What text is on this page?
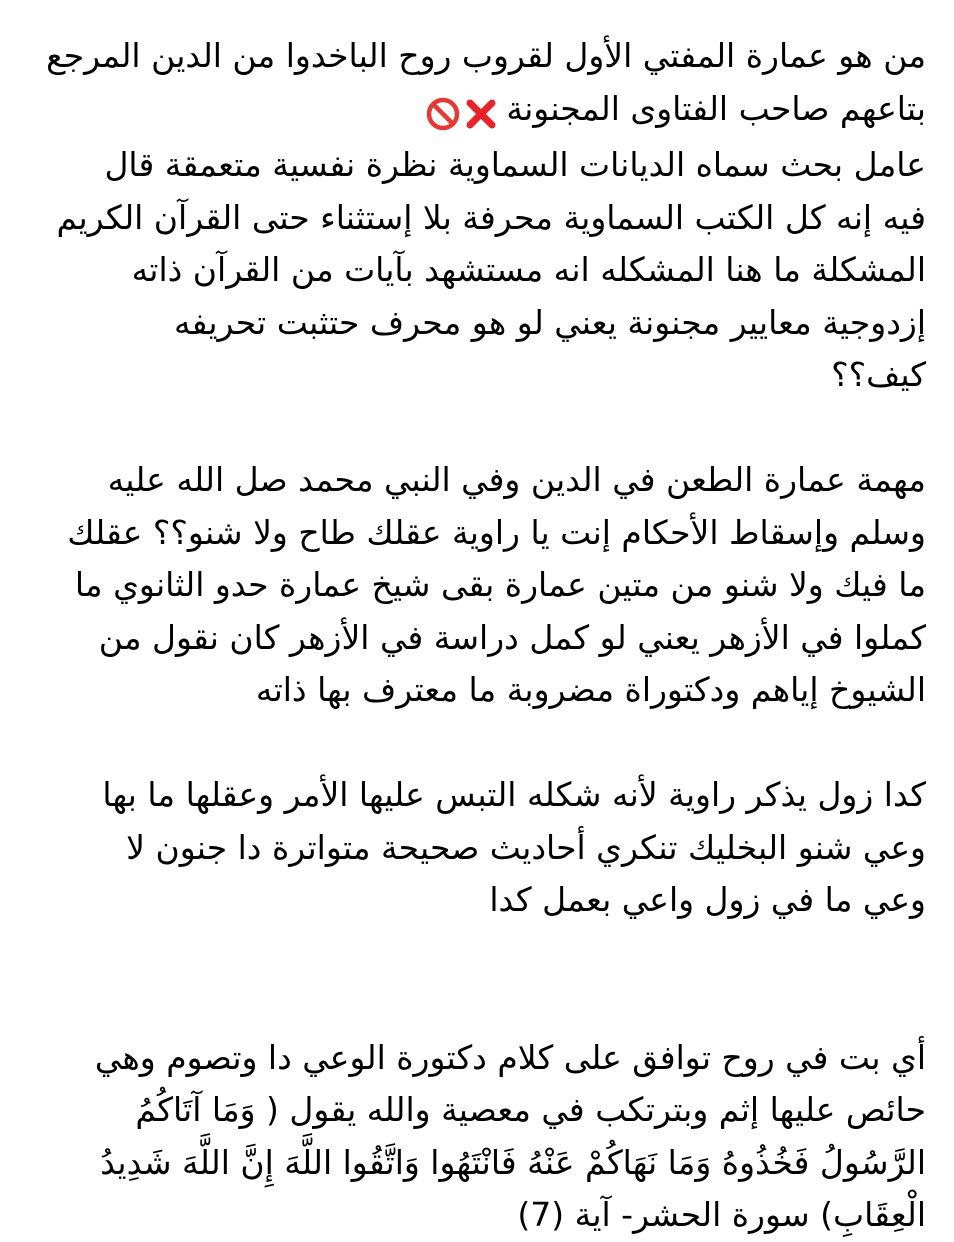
من هو عمارة المفتي الأول لقروب روح الباخدوا من الدين المرجع
بتاعهم صاحب الفتاوى المجنونة
عامل بحث سماه الديانات السماوية نظرة نفسية متعمقة قال
فيه إنه كل الكتب السماوية محرفة بلا إستثناء حتى القرآن الكريم
المشكلة ما هنا المشكله انه مستشهد بآيات من القرآن ذاته
إزدوجية معايير مجنونة يعني لو هو محرف حتثبت تحريفه
كيف؟؟
مهمة عمارة الطعن في الدين وفي النبي محمد صل الله عليه
وسلم وإسقاط الأحكام إنت يا راوية عقلك طاح ولا شنو؟؟ عقلك
ما فيك ولا شنو من متين عمارة بقى شيخ عمارة حدو الثانوي ما
كملوا في الأزهر يعني لو كمل دراسة في الأزهر كان نقول من
الشيوخ إياهم ودكتوراة مضروبة ما معترف بها ذاته
كدا زول يذكر راوية لأنه شكله التبس عليها الأمر وعقلها ما بها
وعي شنو البخليك تنكري أحاديث صحيحة متواترة دا جنون لا
وعي ما في زول واعي بعمل كدا
أي بت في روح توافق على كلام دكتورة الوعي دا وتصوم وهي
حائص عليها إثم وبترتكب في معصية والله يقول ( وَمَا آتَاكُمُ
الرَّسُولُ فَخُذُوهُ وَمَا نَهَاكُمْ عَنْهُ فَانْتَهُوا وَاتَّقُوا اللَّهَ إِنَّ اللَّهَ شَدِيدُ
الْعِقَابِ) سورة الحشر- آية (7)
